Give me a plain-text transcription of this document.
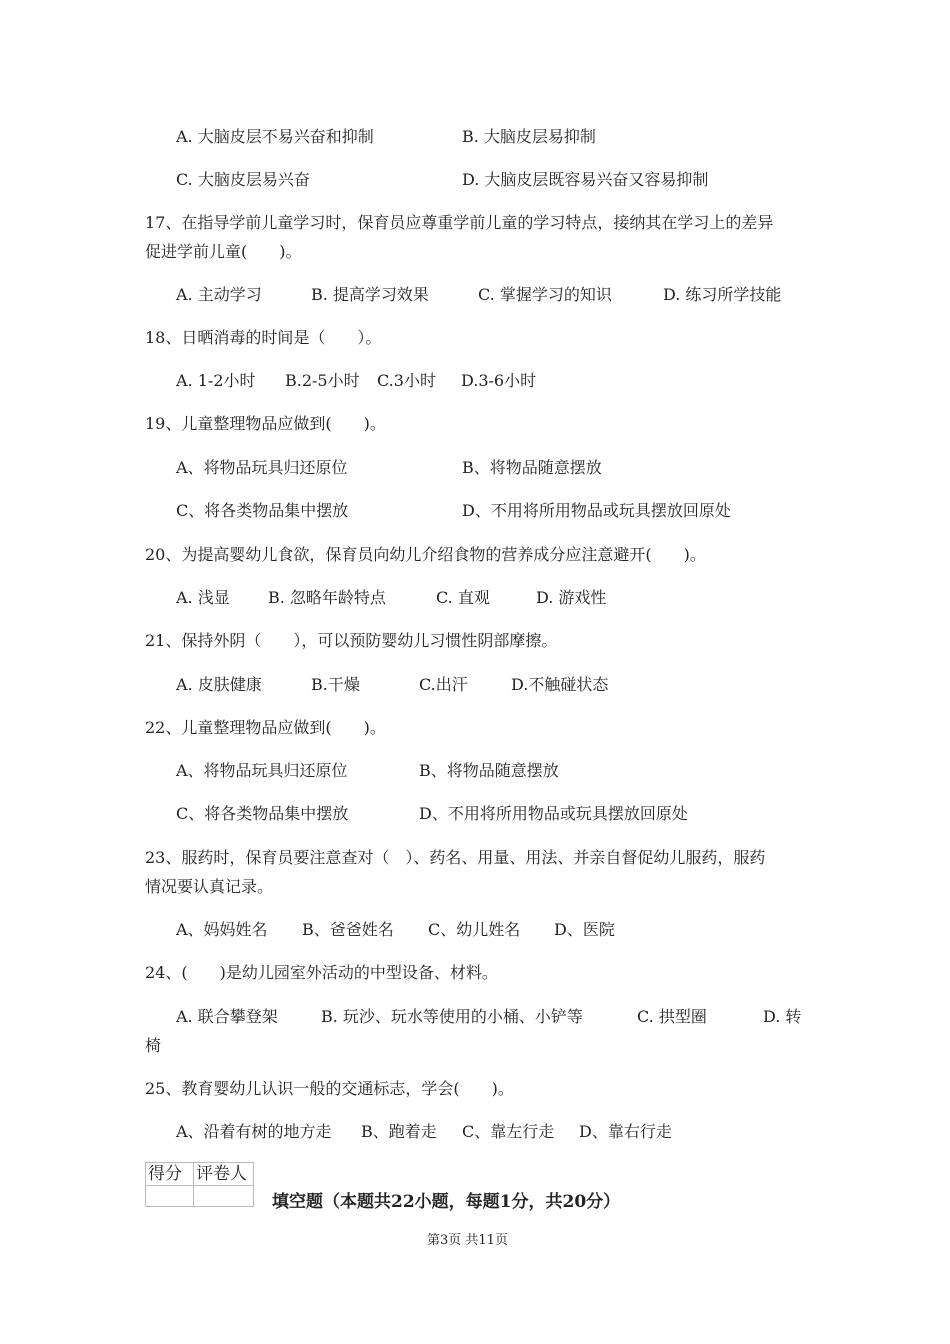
A. 大脑皮层不易兴奋和抑制	B. 大脑皮层易抑制
C. 大脑皮层易兴奋	D. 大脑皮层既容易兴奋又容易抑制
17、在指导学前儿童学习时，保育员应尊重学前儿童的学习特点，接纳其在学习上的差异
促进学前儿童(　　)。
A. 主动学习	B. 提高学习效果	C. 掌握学习的知识	D. 练习所学技能
18、日晒消毒的时间是（　　）。
A. 1-2小时 B.2-5小时 C.3小时 D.3-6小时
19、儿童整理物品应做到(　　)。
A、将物品玩具归还原位	B、将物品随意摆放
C、将各类物品集中摆放	D、不用将所用物品或玩具摆放回原处
20、为提高婴幼儿食欲，保育员向幼儿介绍食物的营养成分应注意避开(　　)。
A. 浅显 B. 忽略年龄特点	C. 直观	D. 游戏性
21、保持外阴（　　），可以预防婴幼儿习惯性阴部摩擦。
A. 皮肤健康	B.干燥	C.出汗	D.不触碰状态
22、儿童整理物品应做到(　　)。
A、将物品玩具归还原位	B、将物品随意摆放
C、将各类物品集中摆放	D、不用将所用物品或玩具摆放回原处
23、服药时，保育员要注意查对（　）、药名、用量、用法、并亲自督促幼儿服药，服药
情况要认真记录。
A、妈妈姓名 B、爸爸姓名 C、幼儿姓名 D、医院
24、(　　)是幼儿园室外活动的中型设备、材料。
A. 联合攀登架	B. 玩沙、玩水等使用的小桶、小铲等	C. 拱型圈	D. 转
椅
25、教育婴幼儿认识一般的交通标志，学会(　　)。
A、沿着有树的地方走 B、跑着走 C、靠左行走 D、靠右行走
得分 评卷人
填空题（本题共22小题，每题1分，共20分）
第3页 共11页
